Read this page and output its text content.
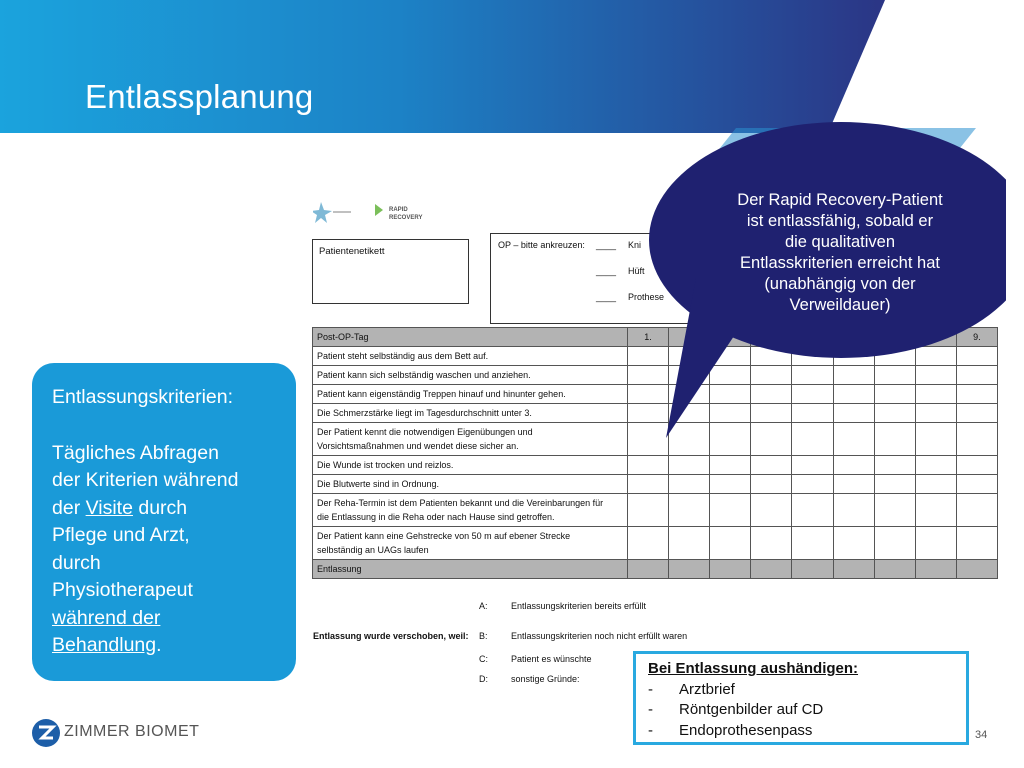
Entlassplanung

Entlassungskriterien:

Tägliches Abfragen

der Kriterien während

der Visite durch

Pflege und Arzt,

durch

Physiotherapeut

während der

Behandlung.

RAPID
RECOVERY
Patientenetikett
OP – bitte ankreuzen: ____ Kni
____ Hüft
____ Prothese
Post-OP-Tag	1.								9.
Patient steht selbständig aus dem Bett auf.									
Patient kann sich selbständig waschen und anziehen.									
Patient kann eigenständig Treppen hinauf und hinunter gehen.									
Die Schmerzstärke liegt im Tagesdurchschnitt unter 3.									

Der Patient kennt die notwendigen Eigenübungen und
Vorsichtsmaßnahmen und wendet diese sicher an.									

Die Wunde ist trocken und reizlos.									
Die Blutwerte sind in Ordnung.									

Der Reha-Termin ist dem Patienten bekannt und die Vereinbarungen für
die Entlassung in die Reha oder nach Hause sind getroffen.									

Der Patient kann eine Gehstrecke von 50 m auf ebener Strecke
selbständig an UAGs laufen									

Entlassung									
Entlassung wurde verschoben, weil:
A:	Entlassungskriterien bereits erfüllt
B:	Entlassungskriterien noch nicht erfüllt waren
C:	Patient es wünschte
D:	sonstige Gründe:
Der Rapid Recovery-Patient
ist entlassfähig, sobald er
die qualitativen
Entlasskriterien erreicht hat
(unabhängig von der
Verweildauer)
Bei Entlassung aushändigen:
-	Arztbrief
-	Röntgenbilder auf CD
-	Endoprothesenpass
ZIMMER BIOMET	34
